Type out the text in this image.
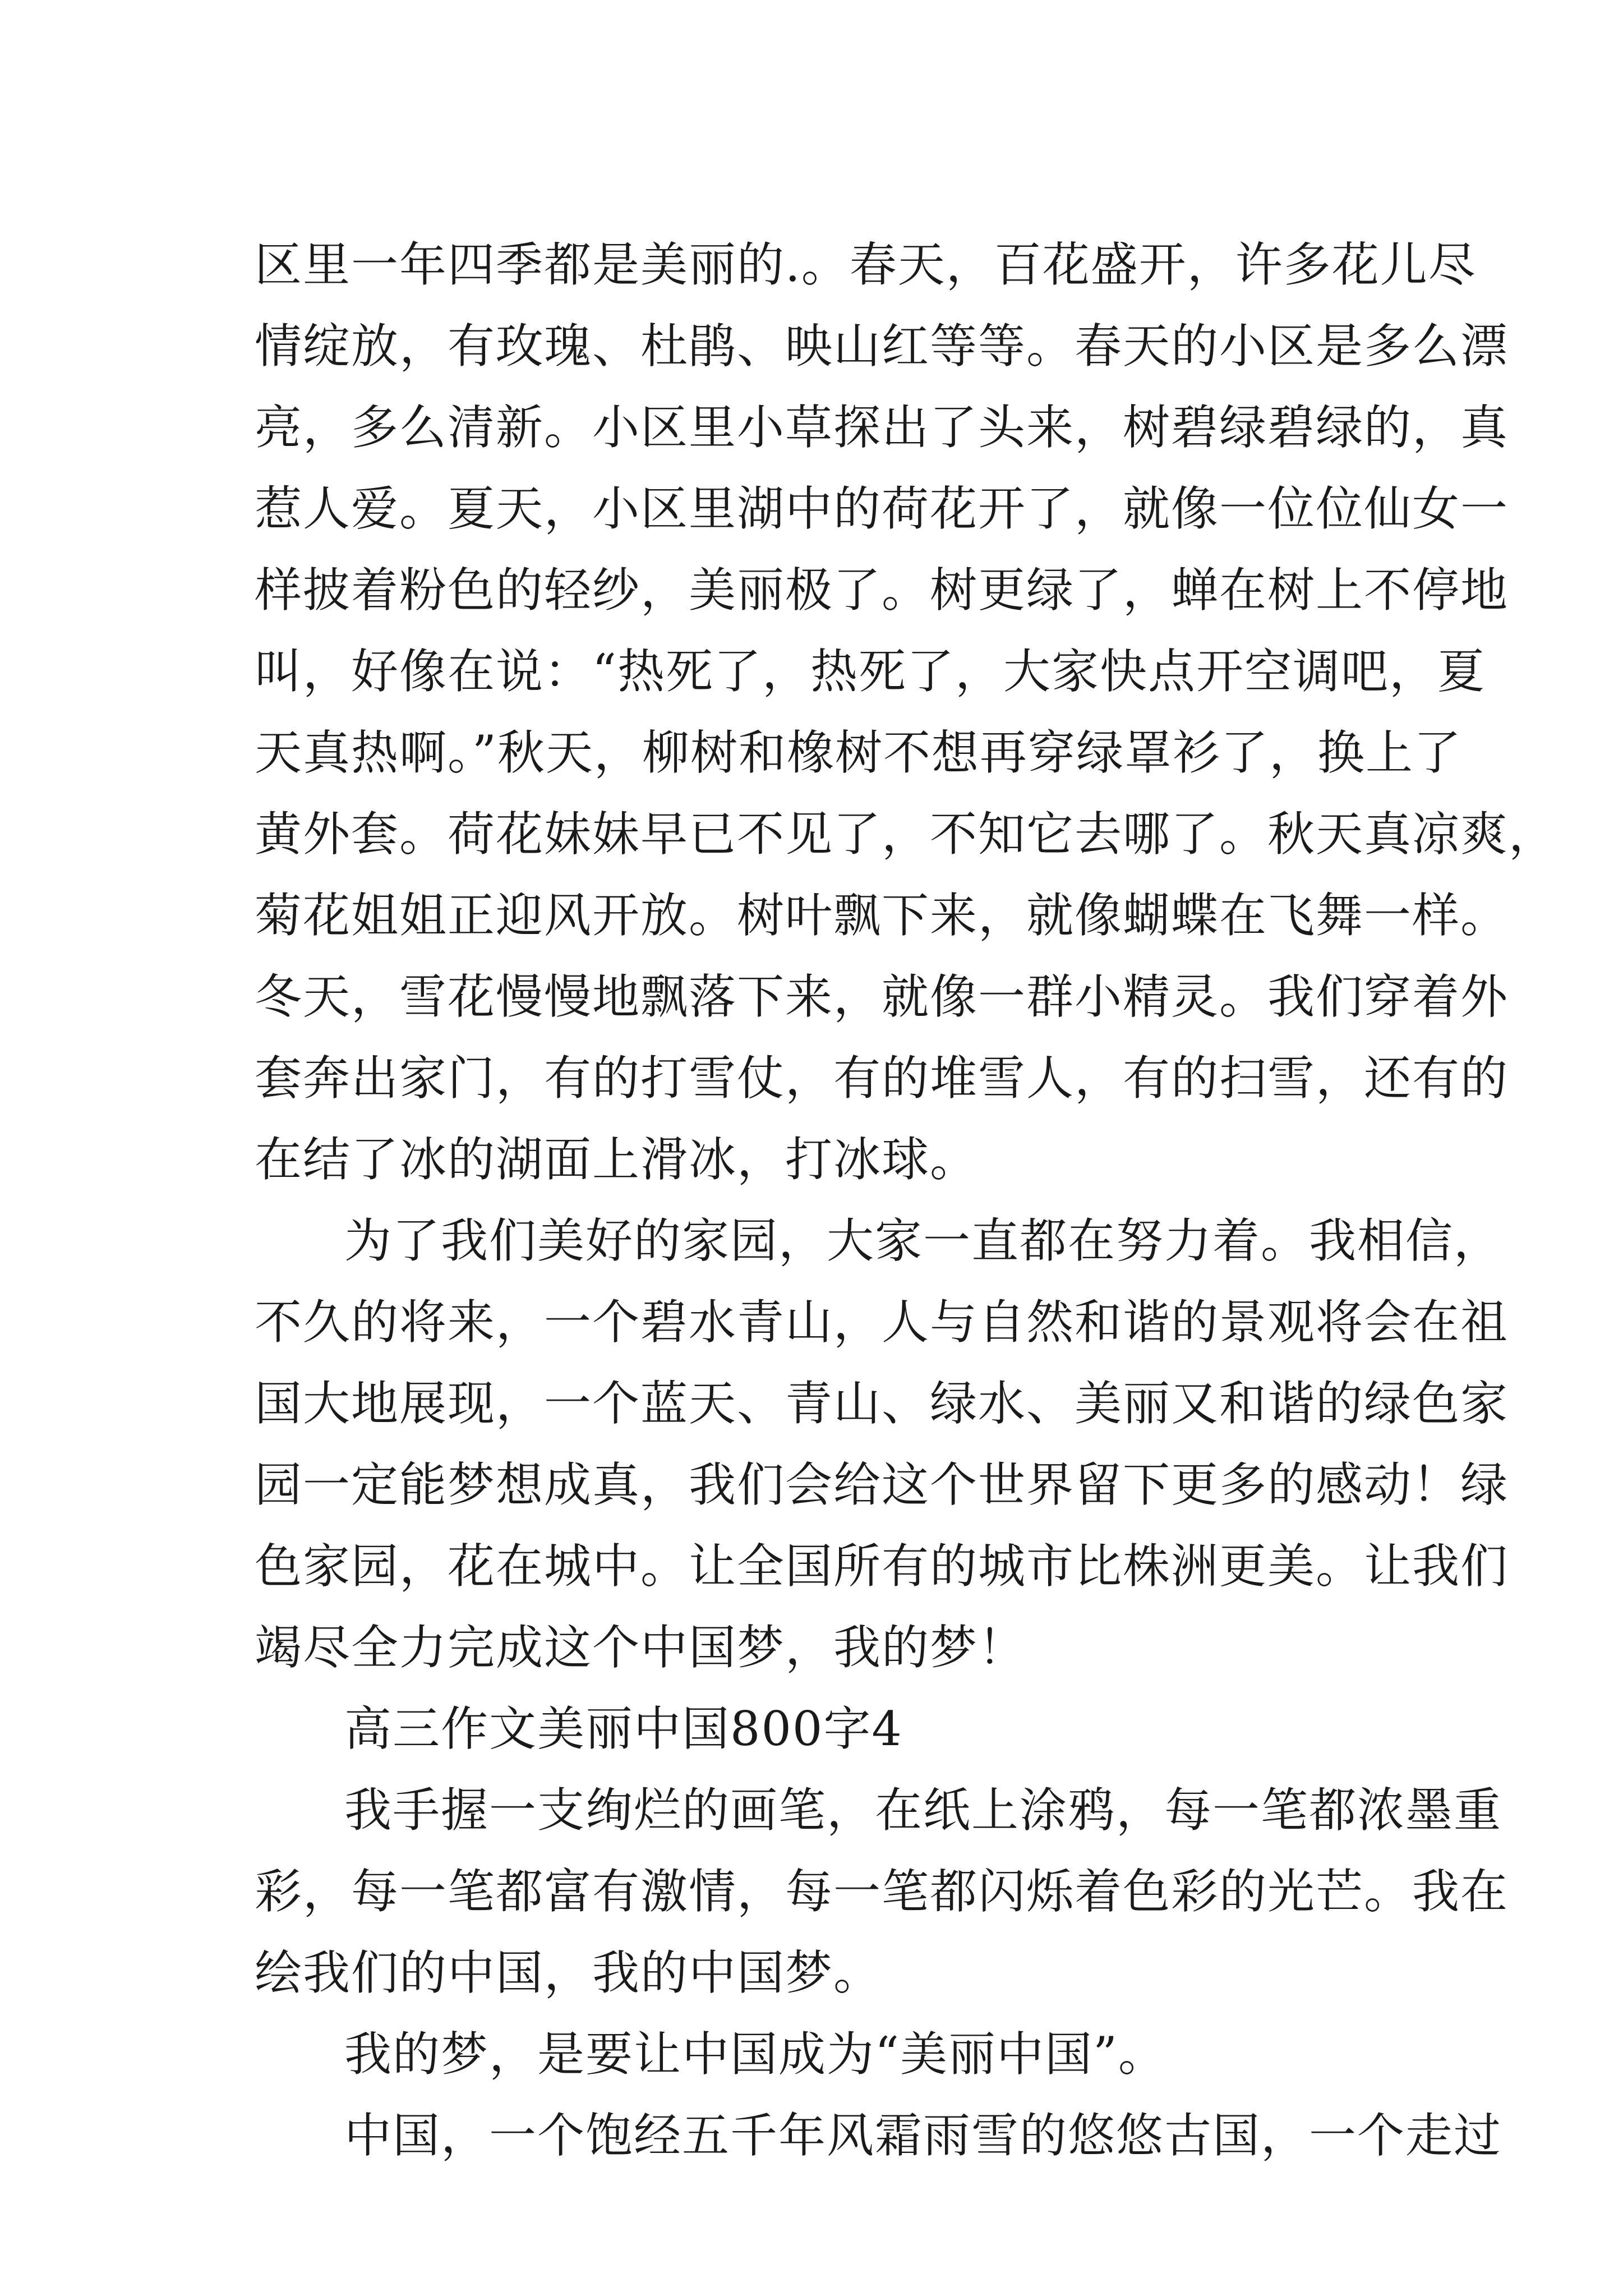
区里一年四季都是美丽的.。春天，百花盛开，许多花儿尽
情绽放，有玫瑰、杜鹃、映山红等等。春天的小区是多么漂
亮，多么清新。小区里小草探出了头来，树碧绿碧绿的，真
惹人爱。夏天，小区里湖中的荷花开了，就像一位位仙女一
样披着粉色的轻纱，美丽极了。树更绿了，蝉在树上不停地
叫，好像在说：“热死了，热死了，大家快点开空调吧，夏
天真热啊。”秋天，柳树和橡树不想再穿绿罩衫了，换上了
黄外套。荷花妹妹早已不见了，不知它去哪了。秋天真凉爽，
菊花姐姐正迎风开放。树叶飘下来，就像蝴蝶在飞舞一样。
冬天，雪花慢慢地飘落下来，就像一群小精灵。我们穿着外
套奔出家门，有的打雪仗，有的堆雪人，有的扫雪，还有的
在结了冰的湖面上滑冰，打冰球。
为了我们美好的家园，大家一直都在努力着。我相信，
不久的将来，一个碧水青山，人与自然和谐的景观将会在祖
国大地展现，一个蓝天、青山、绿水、美丽又和谐的绿色家
园一定能梦想成真，我们会给这个世界留下更多的感动！绿
色家园，花在城中。让全国所有的城市比株洲更美。让我们
竭尽全力完成这个中国梦，我的梦！
高三作文美丽中国800字4
我手握一支绚烂的画笔，在纸上涂鸦，每一笔都浓墨重
彩，每一笔都富有激情，每一笔都闪烁着色彩的光芒。我在
绘我们的中国，我的中国梦。
我的梦，是要让中国成为“美丽中国”。
中国，一个饱经五千年风霜雨雪的悠悠古国，一个走过
